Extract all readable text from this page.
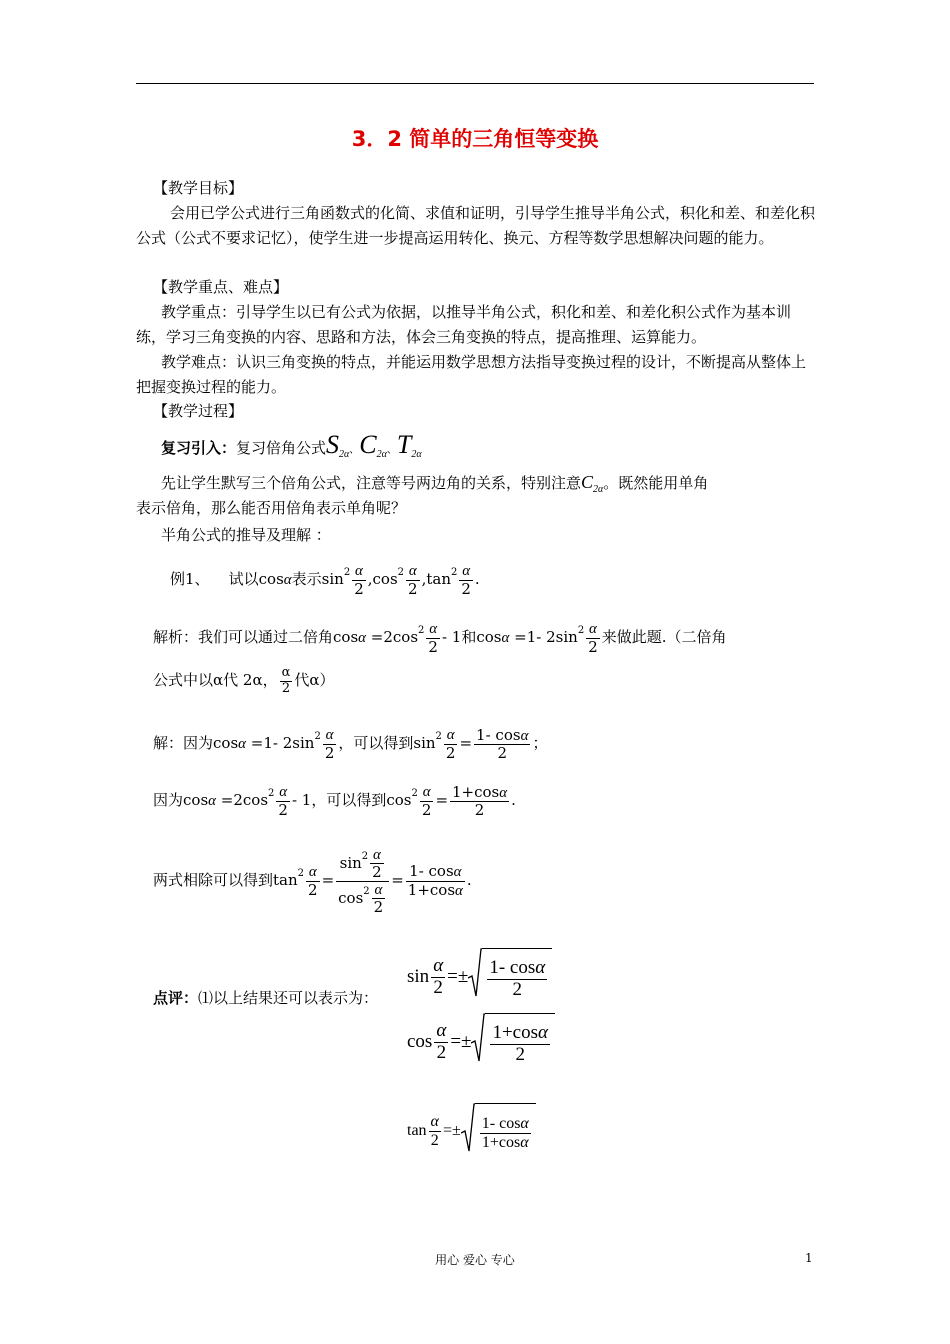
3．2 简单的三角恒等变换
【教学目标】
会用已学公式进行三角函数式的化简、求值和证明，引导学生推导半角公式，积化和差、和差化积公式（公式不要求记忆），使学生进一步提高运用转化、换元、方程等数学思想解决问题的能力。
【教学重点、难点】
教学重点：引导学生以已有公式为依据，以推导半角公式，积化和差、和差化积公式作为基本训练，学习三角变换的内容、思路和方法，体会三角变换的特点，提高推理、运算能力。
教学难点：认识三角变换的特点，并能运用数学思想方法指导变换过程的设计，不断提高从整体上把握变换过程的能力。
【教学过程】
复习引入：复习倍角公式$S_{2\alpha}$、$C_{2\alpha}$、$T_{2\alpha}$
先让学生默写三个倍角公式，注意等号两边角的关系，特别注意$C_{2\alpha}$。既然能用单角
表示倍角，那么能否用倍角表示单角呢？
半角公式的推导及理解 ：
例1、 试以cosα表示$\sin^2 \frac{\alpha}{2} ,\cos^2 \frac{\alpha}{2} ,\tan^2 \frac{\alpha}{2}$ .
解析：我们可以通过二倍角$\cos\alpha =2\cos^2 \frac{\alpha}{2} - 1$和cosα =1- $2\sin^2 \frac{\alpha}{2}$ 来做此题.（二倍角
公式中以α代 2α， $\frac{\alpha}{2}$ 代α）
解：因为cosα =1- $2\sin^2 \frac{\alpha}{2}$ ，可以得到$\sin^2 \frac{\alpha}{2} = \frac{1- \cos\alpha}{2}$ ；
因为$\cos\alpha =2\cos^2 \frac{\alpha}{2} - 1$，可以得到$\cos^2 \frac{\alpha}{2} = \frac{1+\cos\alpha}{2}$ .
两式相除可以得到$\tan^2 \frac{\alpha}{2} = \frac{\sin^2 \frac{\alpha}{2}}{\cos^2 \frac{\alpha}{2}} = \frac{1- \cos\alpha}{1+\cos\alpha}$ .
点评：⑴以上结果还可以表示为：
$\sin \frac{\alpha}{2} =\pm \frac{1- \cos\alpha}{2}$
$\cos \frac{\alpha}{2} =\pm \frac{1+\cos\alpha}{2}$
$\tan \frac{\alpha}{2} =\pm \frac{1- \cos\alpha}{1+\cos\alpha}$
用心 爱心 专心	1
